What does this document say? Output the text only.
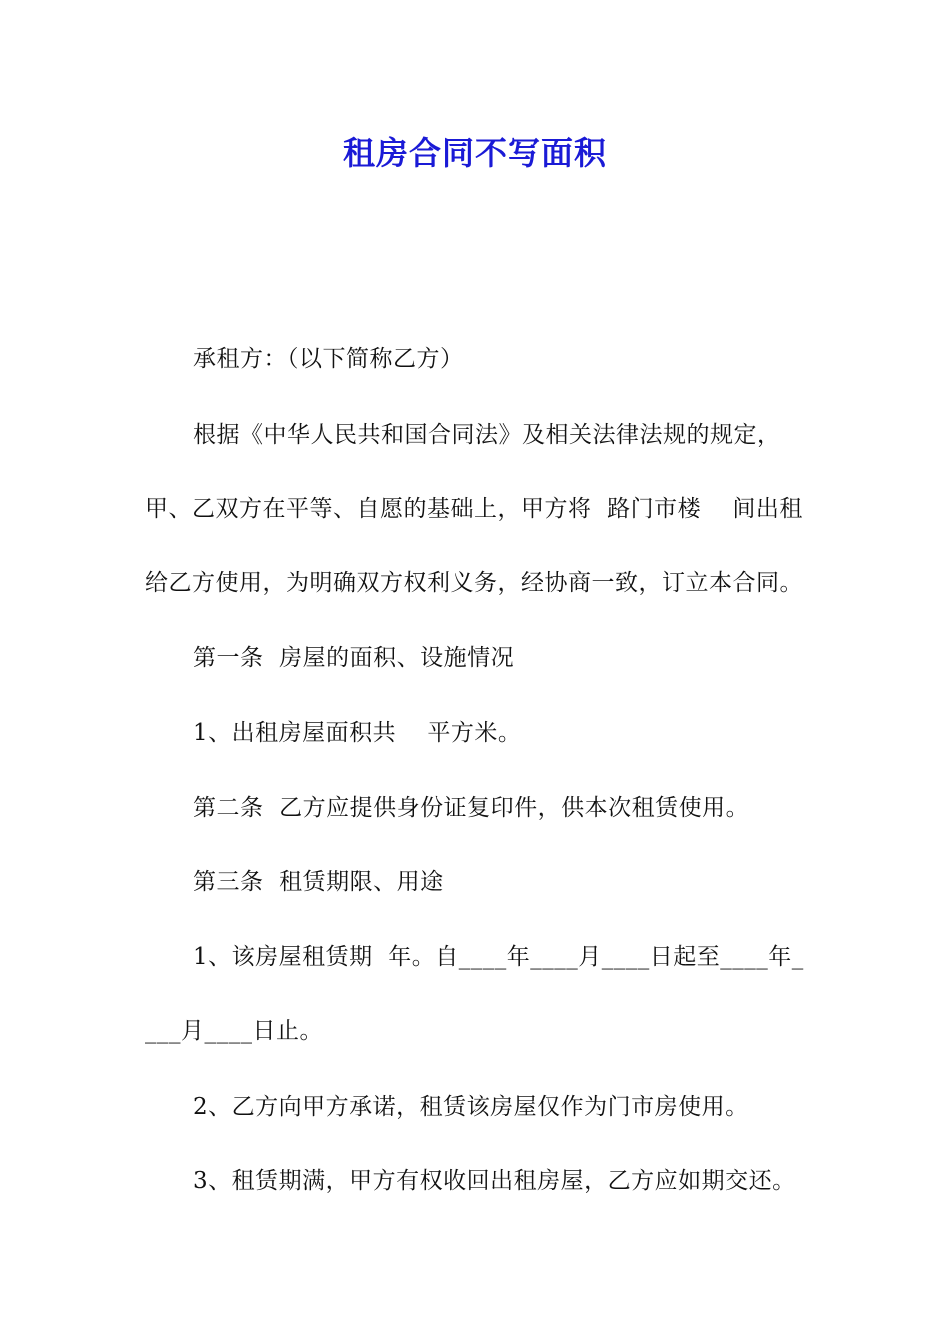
租房合同不写面积
承租方：（以下简称乙方）
根据《中华人民共和国合同法》及相关法律法规的规定，
甲、乙双方在平等、自愿的基础上，甲方将  路门市楼    间出租
给乙方使用，为明确双方权利义务，经协商一致，订立本合同。
第一条  房屋的面积、设施情况
1、出租房屋面积共    平方米。
第二条  乙方应提供身份证复印件，供本次租赁使用。
第三条  租赁期限、用途
1、该房屋租赁期  年。自____年____月____日起至____年_
___月____日止。
2、乙方向甲方承诺，租赁该房屋仅作为门市房使用。
3、租赁期满，甲方有权收回出租房屋，乙方应如期交还。
